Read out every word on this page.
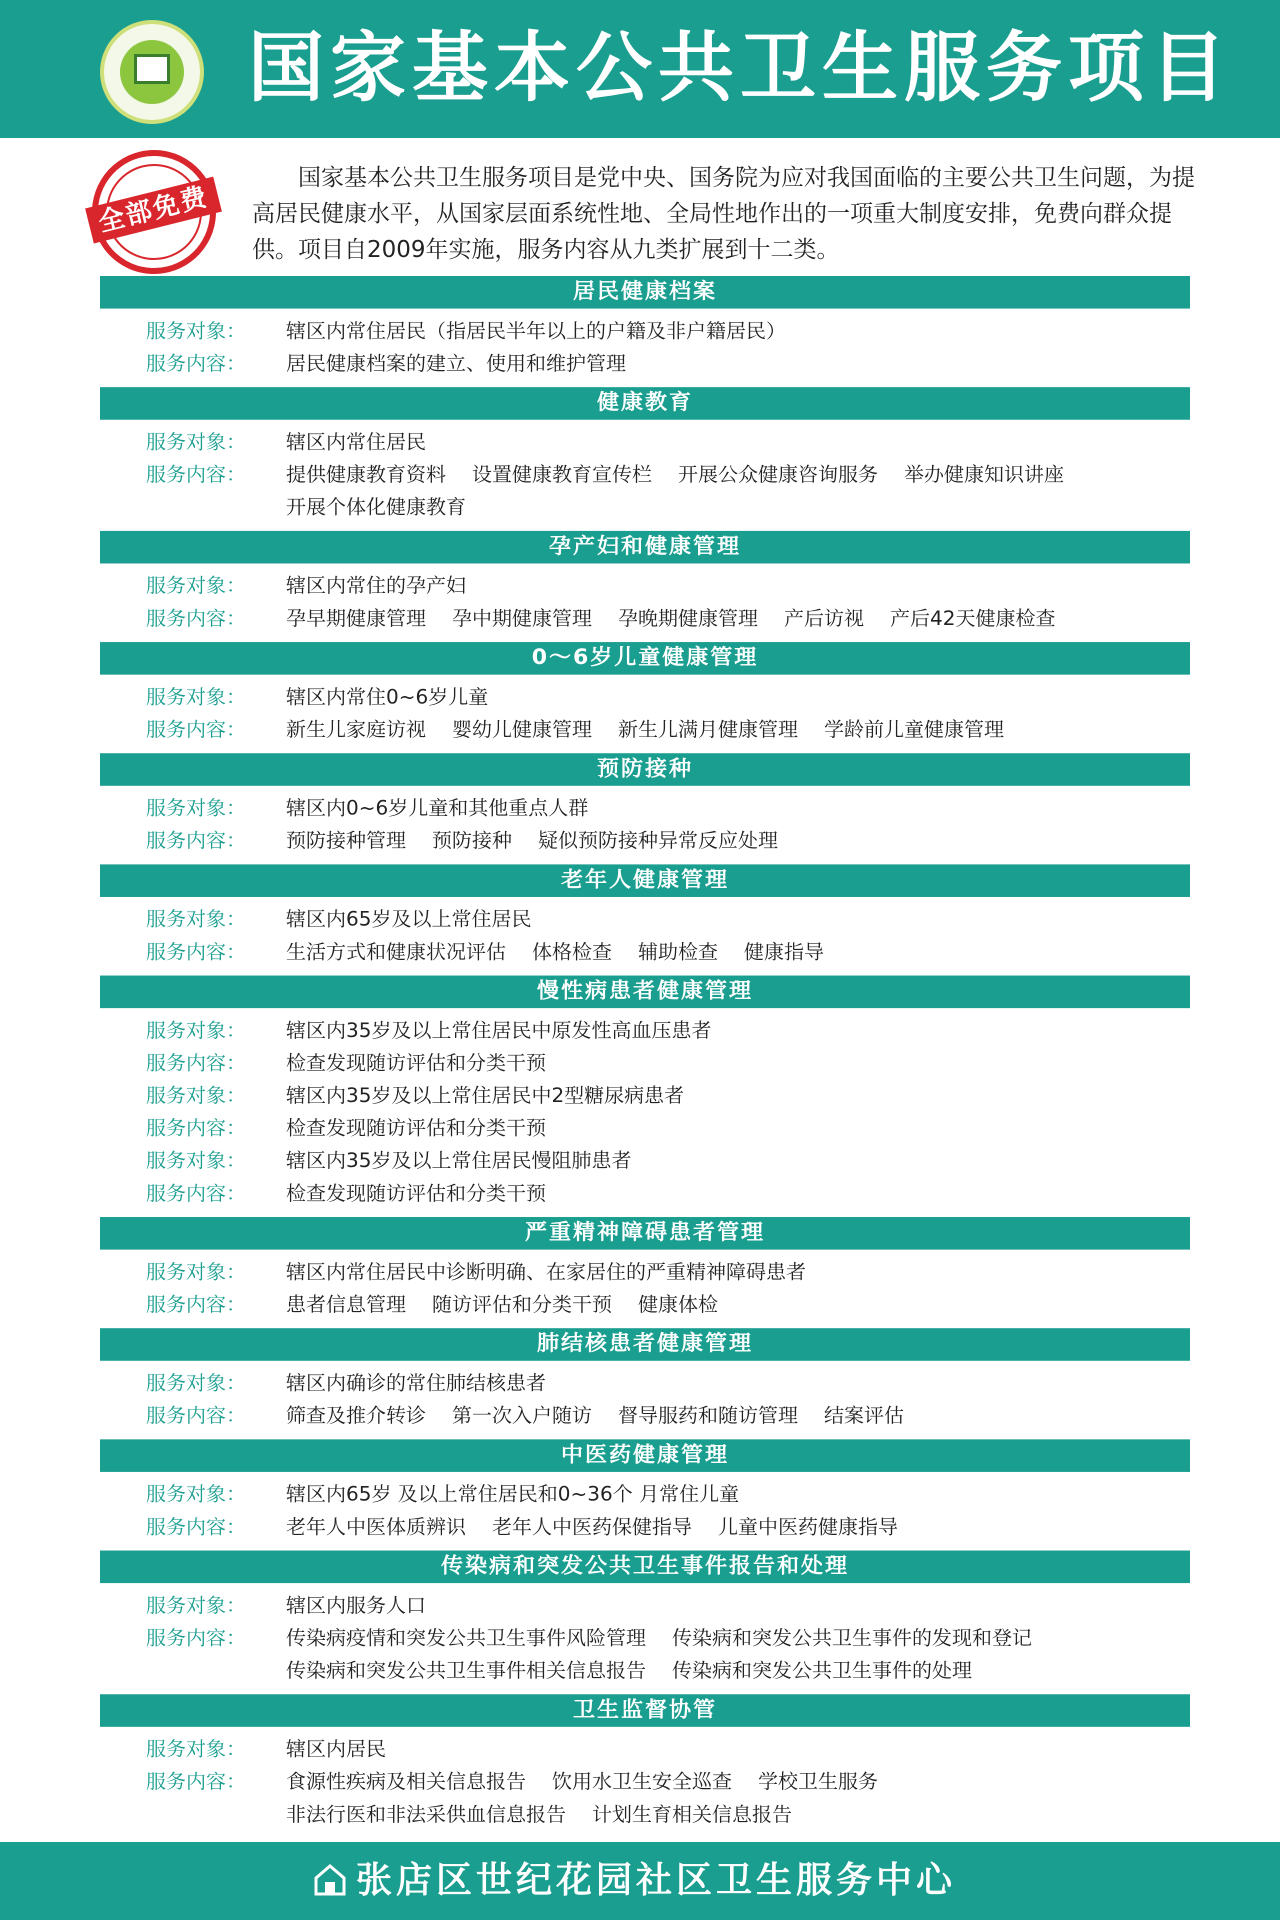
国家基本公共卫生服务项目
全部免费
国家基本公共卫生服务项目是党中央、国务院为应对我国面临的主要公共卫生问题，为提高居民健康水平，从国家层面系统性地、全局性地作出的一项重大制度安排，免费向群众提供。项目自2009年实施，服务内容从九类扩展到十二类。
居民健康档案
服务对象：	辖区内常住居民（指居民半年以上的户籍及非户籍居民）
服务内容：	居民健康档案的建立、使用和维护管理
健康教育
服务对象：	辖区内常住居民
服务内容：	提供健康教育资料 设置健康教育宣传栏 开展公众健康咨询服务 举办健康知识讲座
开展个体化健康教育
孕产妇和健康管理
服务对象：	辖区内常住的孕产妇
服务内容：	孕早期健康管理 孕中期健康管理 孕晚期健康管理 产后访视 产后42天健康检查
0～6岁儿童健康管理
服务对象：	辖区内常住0~6岁儿童
服务内容：	新生儿家庭访视 婴幼儿健康管理 新生儿满月健康管理 学龄前儿童健康管理
预防接种
服务对象：	辖区内0~6岁儿童和其他重点人群
服务内容：	预防接种管理 预防接种 疑似预防接种异常反应处理
老年人健康管理
服务对象：	辖区内65岁及以上常住居民
服务内容：	生活方式和健康状况评估 体格检查 辅助检查 健康指导
慢性病患者健康管理
服务对象：	辖区内35岁及以上常住居民中原发性高血压患者
服务内容：	检查发现随访评估和分类干预
服务对象：	辖区内35岁及以上常住居民中2型糖尿病患者
服务内容：	检查发现随访评估和分类干预
服务对象：	辖区内35岁及以上常住居民慢阻肺患者
服务内容：	检查发现随访评估和分类干预
严重精神障碍患者管理
服务对象：	辖区内常住居民中诊断明确、在家居住的严重精神障碍患者
服务内容：	患者信息管理 随访评估和分类干预 健康体检
肺结核患者健康管理
服务对象：	辖区内确诊的常住肺结核患者
服务内容：	筛查及推介转诊 第一次入户随访 督导服药和随访管理 结案评估
中医药健康管理
服务对象：	辖区内65岁 及以上常住居民和0~36个 月常住儿童
服务内容：	老年人中医体质辨识 老年人中医药保健指导 儿童中医药健康指导
传染病和突发公共卫生事件报告和处理
服务对象：	辖区内服务人口
服务内容：	传染病疫情和突发公共卫生事件风险管理 传染病和突发公共卫生事件的发现和登记
传染病和突发公共卫生事件相关信息报告 传染病和突发公共卫生事件的处理
卫生监督协管
服务对象：	辖区内居民
服务内容：	食源性疾病及相关信息报告 饮用水卫生安全巡查 学校卫生服务
非法行医和非法采供血信息报告 计划生育相关信息报告
张店区世纪花园社区卫生服务中心
